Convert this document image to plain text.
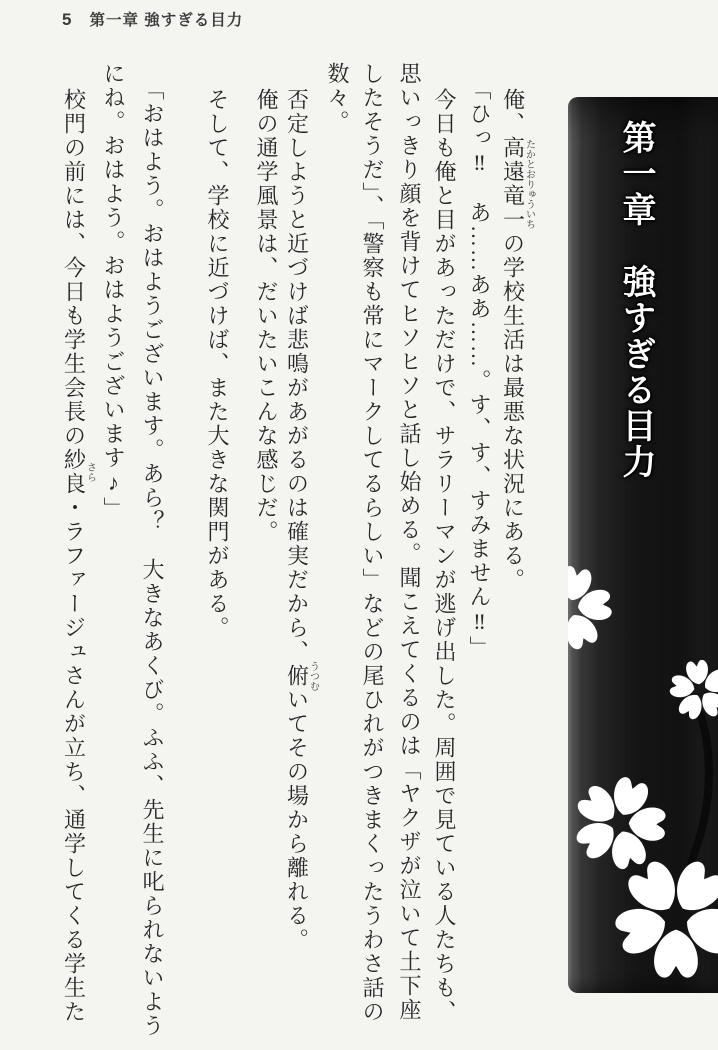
5 第一章 強すぎる目力
第一章　強すぎる目力
俺、高遠竜一たかとおりゅういちの学校生活は最悪な状況にある。
「ひっ‼　あ……ああ……。す、す、すみません‼」
今日も俺と目があっただけで、サラリーマンが逃げ出した。周囲で見ている人たちも、
思いっきり顔を背けてヒソヒソと話し始める。聞こえてくるのは「ヤクザが泣いて土下座
したそうだ」、「警察も常にマークしてるらしい」などの尾ひれがつきまくったうわさ話の
数々。
否定しようと近づけば悲鳴があがるのは確実だから、俯うつむいてその場から離れる。
俺の通学風景は、だいたいこんな感じだ。
そして、学校に近づけば、また大きな関門がある。
「おはよう。おはようございます。あら？　大きなあくび。ふふ、先生に叱られないよう
にね。おはよう。おはようございます♪」
校門の前には、今日も学生会長の紗良さら・ラファージュさんが立ち、通学してくる学生た
